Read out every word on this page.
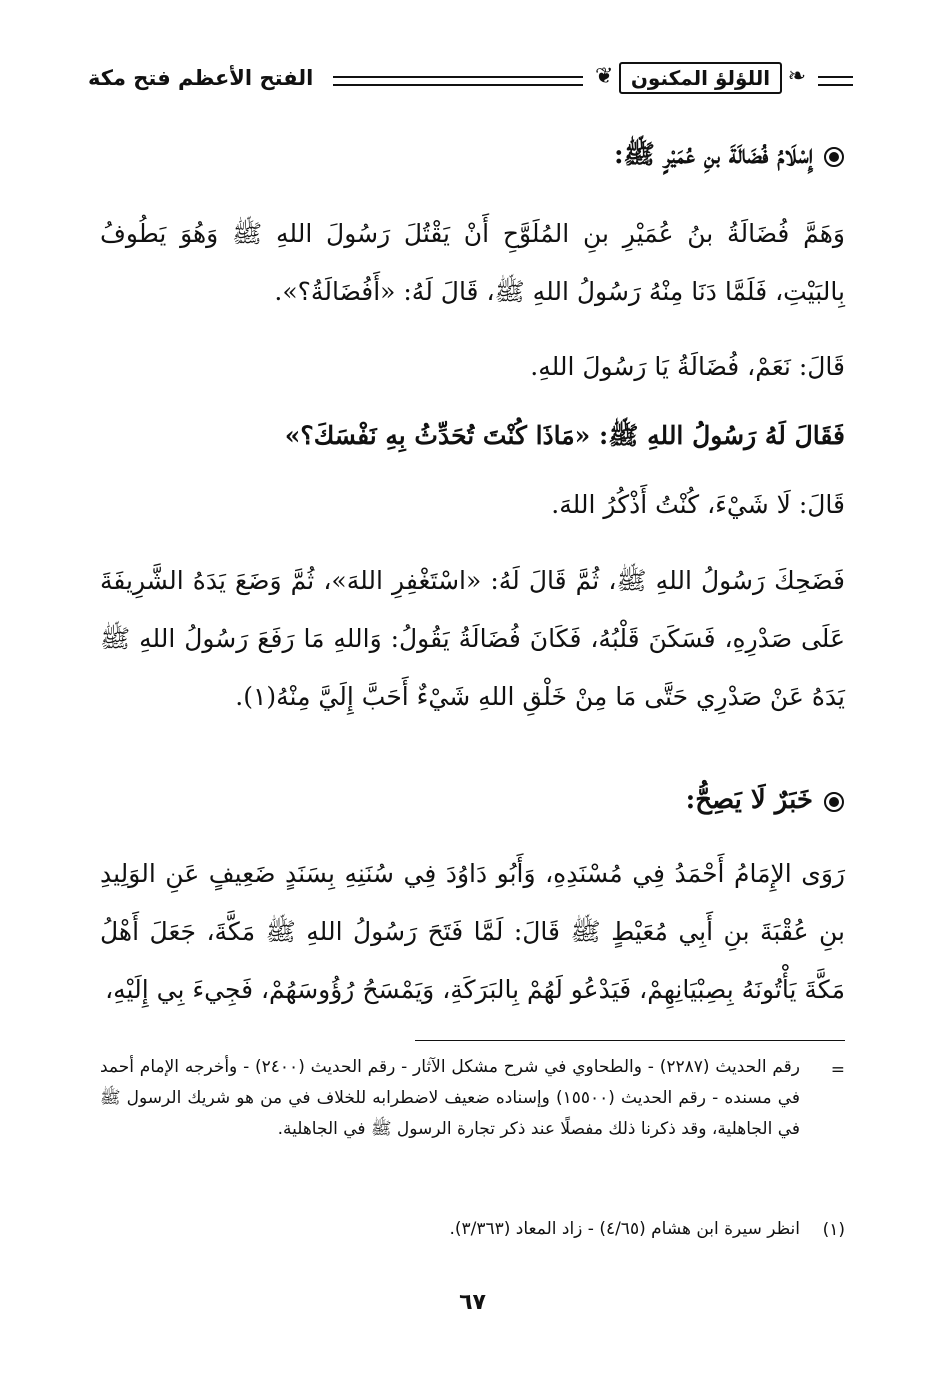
الفتح الأعظم فتح مكة	❦ اللؤلؤ المكنون ❧
إِسْلَامُ فُضَالَةَ بنِ عُمَيْرٍ ﷺ:
وَهَمَّ فُضَالَةُ بنُ عُمَيْرِ بنِ المُلَوَّحِ أَنْ يَقْتُلَ رَسُولَ اللهِ ﷺ وَهُوَ يَطُوفُ بِالبَيْتِ، فَلَمَّا دَنَا مِنْهُ رَسُولُ اللهِ ﷺ، قَالَ لَهُ: «أَفُضَالَةُ؟».
قَالَ: نَعَمْ، فُضَالَةُ يَا رَسُولَ اللهِ.
فَقَالَ لَهُ رَسُولُ اللهِ ﷺ: «مَاذَا كُنْتَ تُحَدِّثُ بِهِ نَفْسَكَ؟»
قَالَ: لَا شَيْءَ، كُنْتُ أَذْكُرُ اللهَ.
فَضَحِكَ رَسُولُ اللهِ ﷺ، ثُمَّ قَالَ لَهُ: «اسْتَغْفِرِ اللهَ»، ثُمَّ وَضَعَ يَدَهُ الشَّرِيفَةَ عَلَى صَدْرِهِ، فَسَكَنَ قَلْبُهُ، فَكَانَ فُضَالَةُ يَقُولُ: وَاللهِ مَا رَفَعَ رَسُولُ اللهِ ﷺ يَدَهُ عَنْ صَدْرِي حَتَّى مَا مِنْ خَلْقِ اللهِ شَيْءٌ أَحَبَّ إِلَيَّ مِنْهُ(١).
خَبَرٌ لَا يَصِحُّ:
رَوَى الإِمَامُ أَحْمَدُ فِي مُسْنَدِهِ، وَأَبُو دَاوُدَ فِي سُنَنِهِ بِسَنَدٍ ضَعِيفٍ عَنِ الوَلِيدِ بنِ عُقْبَةَ بنِ أَبِي مُعَيْطٍ ﷺ قَالَ: لَمَّا فَتَحَ رَسُولُ اللهِ ﷺ مَكَّةَ، جَعَلَ أَهْلُ مَكَّةَ يَأْتُونَهُ بِصِبْيَانِهِمْ، فَيَدْعُو لَهُمْ بِالبَرَكَةِ، وَيَمْسَحُ رُؤُوسَهُمْ، فَجِيءَ بِي إِلَيْهِ،
=
رقم الحديث (٢٢٨٧) - والطحاوي في شرح مشكل الآثار - رقم الحديث (٢٤٠٠) - وأخرجه الإمام أحمد في مسنده - رقم الحديث (١٥٥٠٠) وإسناده ضعيف لاضطرابه للخلاف في من هو شريك الرسول ﷺ في الجاهلية، وقد ذكرنا ذلك مفصلًا عند ذكر تجارة الرسول ﷺ في الجاهلية.
(١)
انظر سيرة ابن هشام (٤/٦٥) - زاد المعاد (٣/٣٦٣).
٦٧
